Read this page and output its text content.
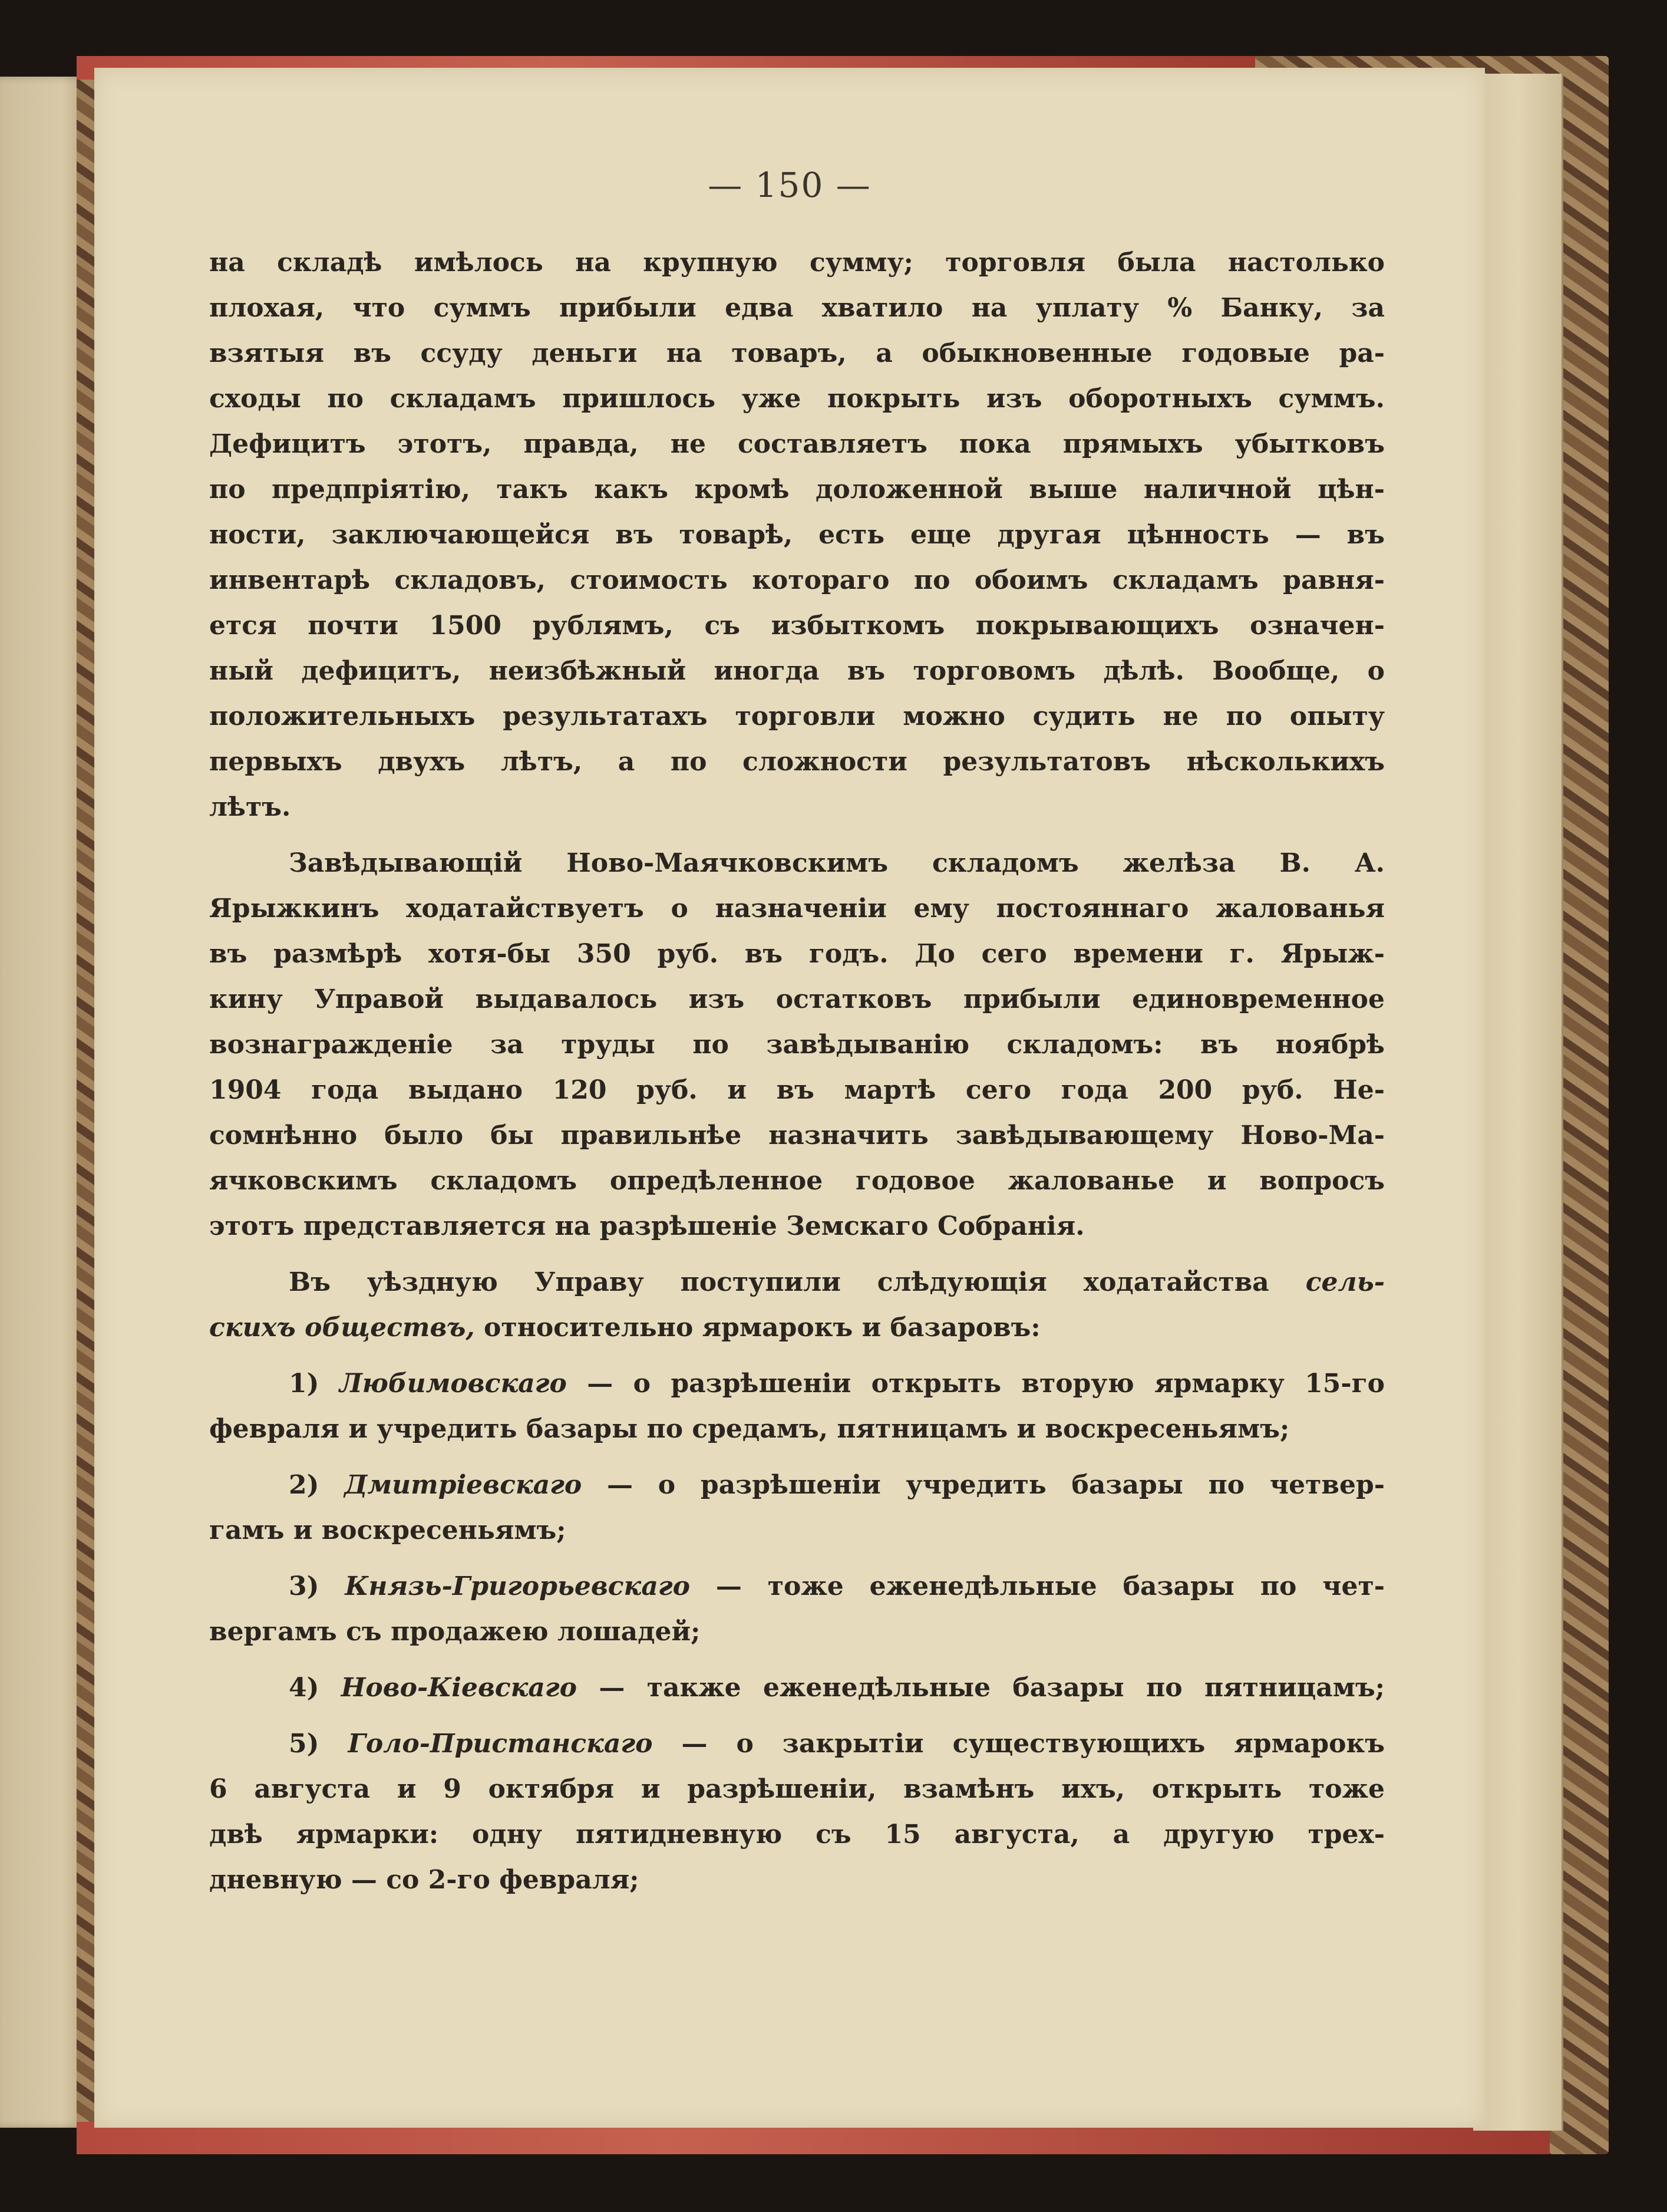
— 150 —
на складѣ имѣлось на крупную сумму; торговля была настолько
плохая, что суммъ прибыли едва хватило на уплату % Банку, за
взятыя въ ссуду деньги на товаръ, а обыкновенные годовые ра-
сходы по складамъ пришлось уже покрыть изъ оборотныхъ суммъ.
Дефицитъ этотъ, правда, не составляетъ пока прямыхъ убытковъ
по предпріятію, такъ какъ кромѣ доложенной выше наличной цѣн-
ности, заключающейся въ товарѣ, есть еще другая цѣнность — въ
инвентарѣ складовъ, стоимость котораго по обоимъ складамъ равня-
ется почти 1500 рублямъ, съ избыткомъ покрывающихъ означен-
ный дефицитъ, неизбѣжный иногда въ торговомъ дѣлѣ. Вообще, о
положительныхъ результатахъ торговли можно судить не по опыту
первыхъ двухъ лѣтъ, а по сложности результатовъ нѣсколькихъ
лѣтъ.
Завѣдывающій Ново-Маячковскимъ складомъ желѣза В. А.
Ярыжкинъ ходатайствуетъ о назначеніи ему постояннаго жалованья
въ размѣрѣ хотя-бы 350 руб. въ годъ. До сего времени г. Ярыж-
кину Управой выдавалось изъ остатковъ прибыли единовременное
вознагражденіе за труды по завѣдыванію складомъ: въ ноябрѣ
1904 года выдано 120 руб. и въ мартѣ сего года 200 руб. Не-
сомнѣнно было бы правильнѣе назначить завѣдывающему Ново-Ма-
ячковскимъ складомъ опредѣленное годовое жалованье и вопросъ
этотъ представляется на разрѣшеніе Земскаго Собранія.
Въ уѣздную Управу поступили слѣдующія ходатайства сель-
скихъ обществъ, относительно ярмарокъ и базаровъ:
1) Любимовскаго — о разрѣшеніи открыть вторую ярмарку 15-го
февраля и учредить базары по средамъ, пятницамъ и воскресеньямъ;
2) Дмитріевскаго — о разрѣшеніи учредить базары по четвер-
гамъ и воскресеньямъ;
3) Князь-Григорьевскаго — тоже еженедѣльные базары по чет-
вергамъ съ продажею лошадей;
4) Ново-Кіевскаго — также еженедѣльные базары по пятницамъ;
5) Голо-Пристанскаго — о закрытіи существующихъ ярмарокъ
6 августа и 9 октября и разрѣшеніи, взамѣнъ ихъ, открыть тоже
двѣ ярмарки: одну пятидневную съ 15 августа, а другую трех-
дневную — со 2-го февраля;
